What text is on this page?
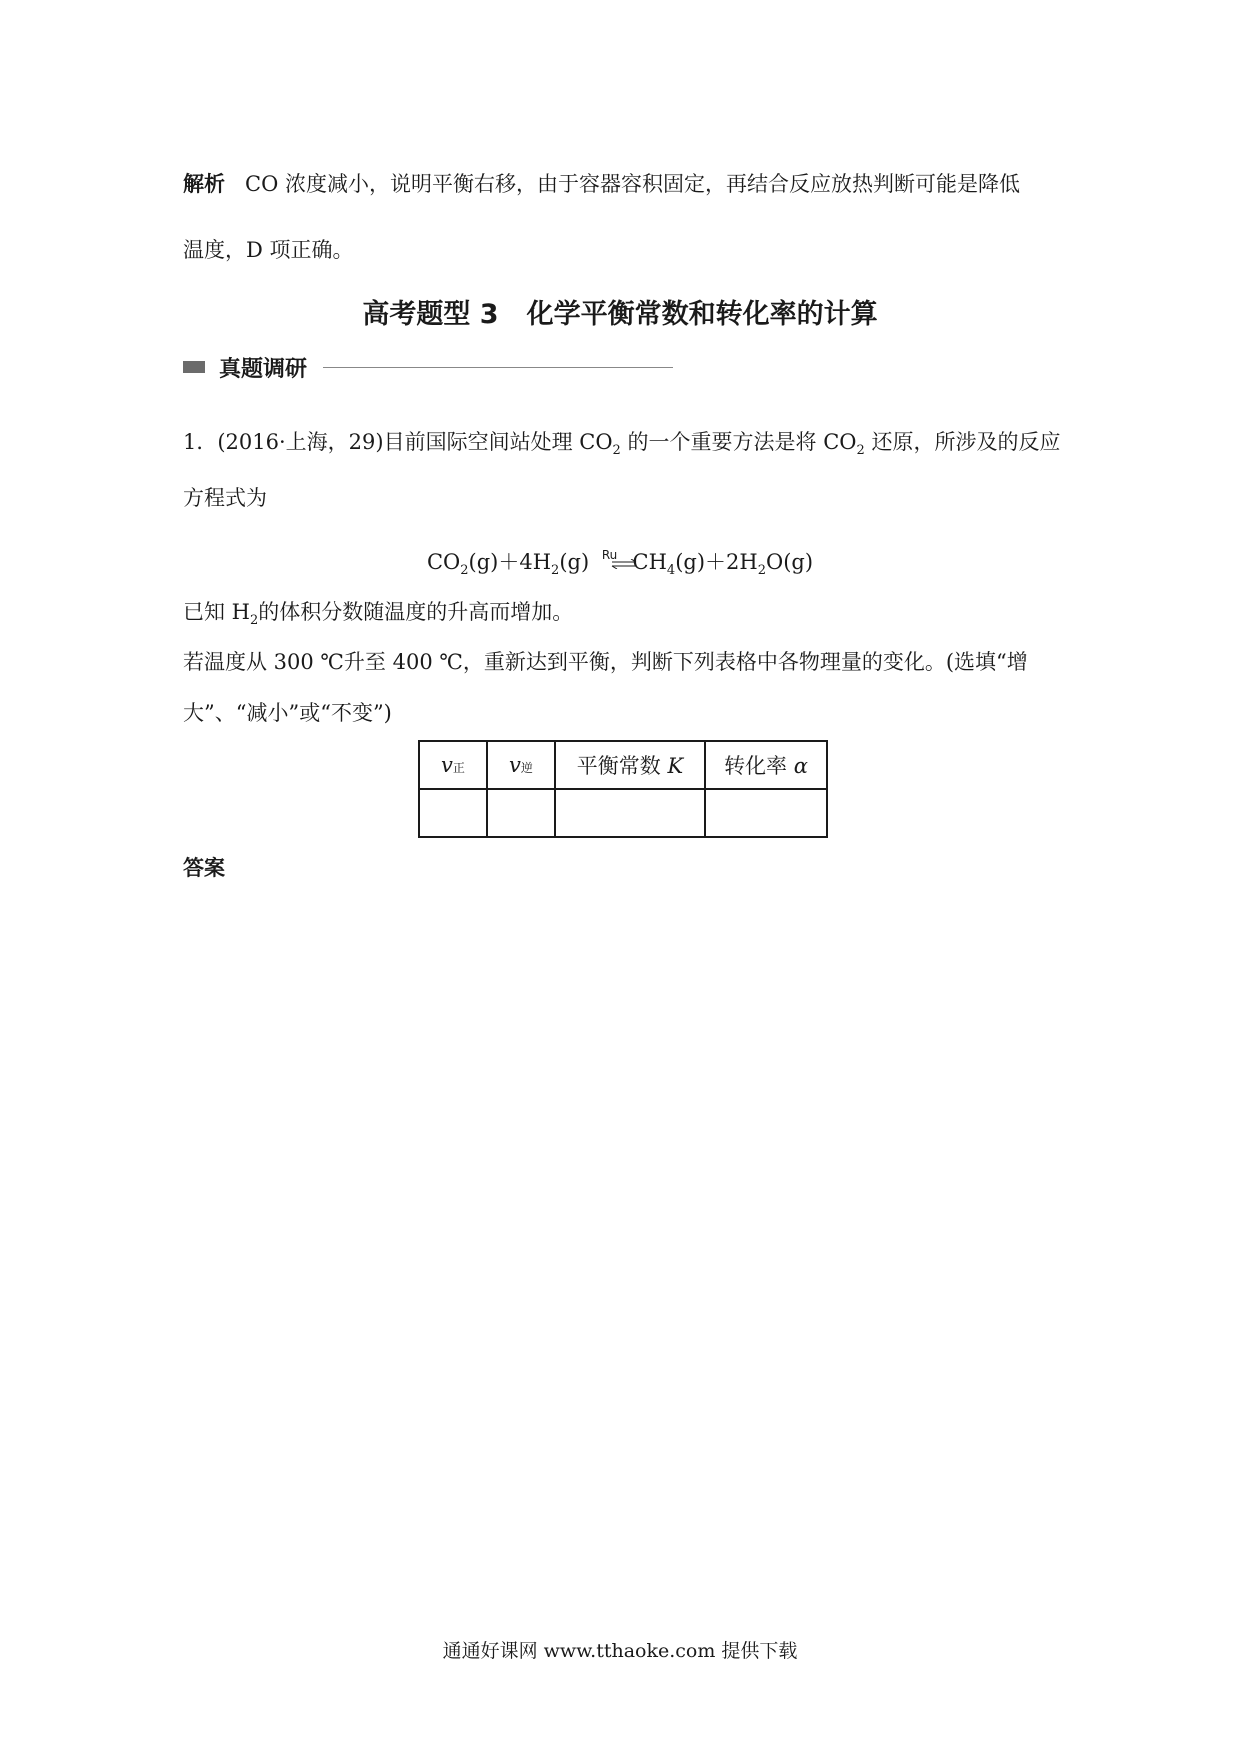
解析 CO 浓度减小，说明平衡右移，由于容器容积固定，再结合反应放热判断可能是降低
温度，D 项正确。
高考题型 3 化学平衡常数和转化率的计算
真题调研
1．(2016·上海，29)目前国际空间站处理 $CO_2$ 的一个重要方法是将 $CO_2$ 还原，所涉及的反应
方程式为
$CO_2(g)+4H_2(g)$ Ru $CH_4(g)+2H_2O(g)$
已知 $H_2$的体积分数随温度的升高而增加。
若温度从 300 ℃升至 400 ℃，重新达到平衡，判断下列表格中各物理量的变化。(选填“增
大”、“减小”或“不变”)
v正	v逆	平衡常数 K	转化率 α

答案
通通好课网 www.tthaoke.com 提供下载
